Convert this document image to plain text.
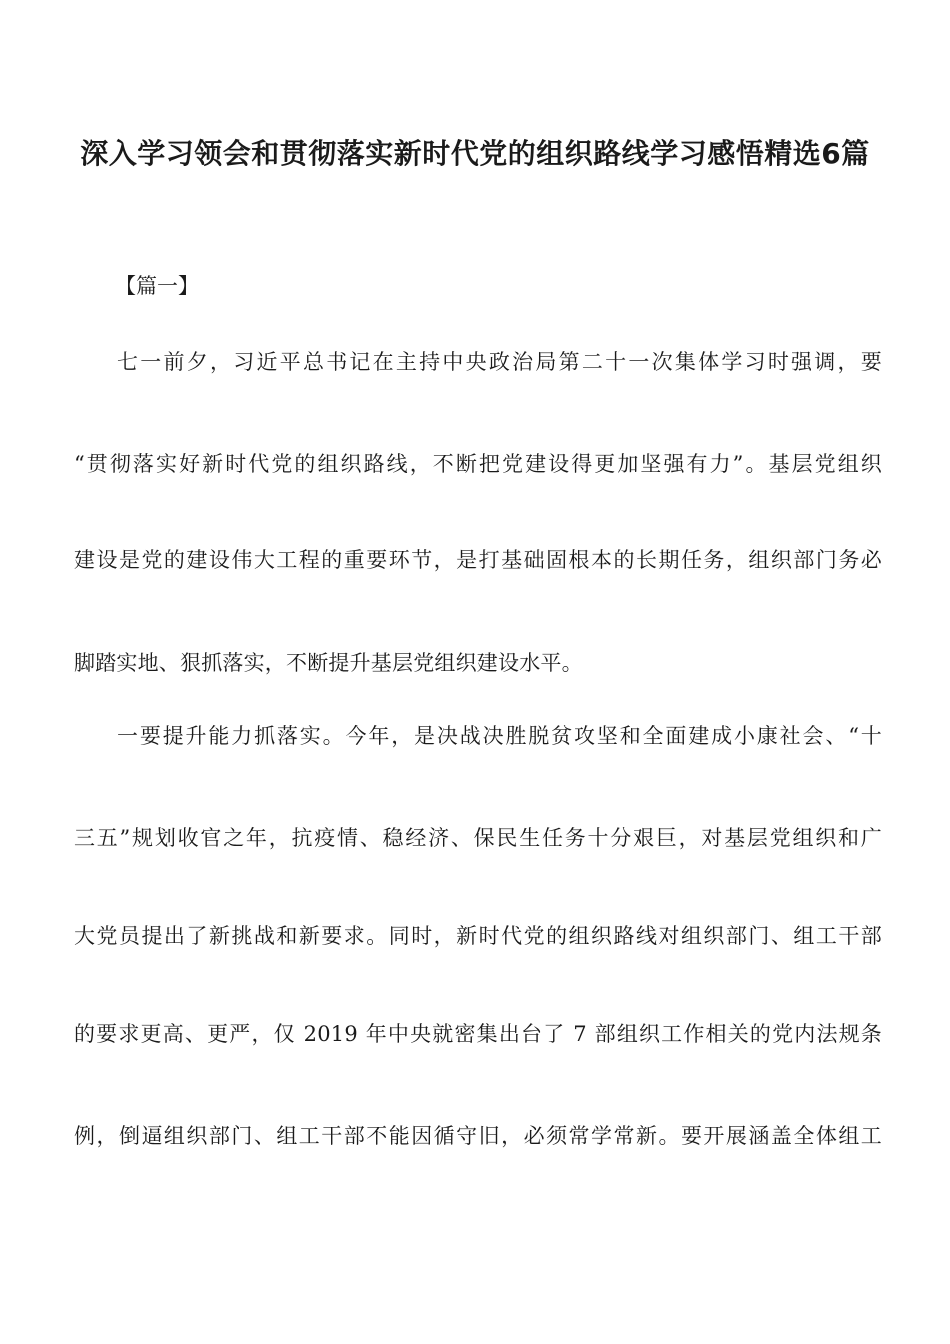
深入学习领会和贯彻落实新时代党的组织路线学习感悟精选6篇
【篇一】
七一前夕，习近平总书记在主持中央政治局第二十一次集体学习时强调，要
“贯彻落实好新时代党的组织路线，不断把党建设得更加坚强有力”。基层党组织
建设是党的建设伟大工程的重要环节，是打基础固根本的长期任务，组织部门务必
脚踏实地、狠抓落实，不断提升基层党组织建设水平。
一要提升能力抓落实。今年，是决战决胜脱贫攻坚和全面建成小康社会、“十
三五”规划收官之年，抗疫情、稳经济、保民生任务十分艰巨，对基层党组织和广
大党员提出了新挑战和新要求。同时，新时代党的组织路线对组织部门、组工干部
的要求更高、更严，仅 2019 年中央就密集出台了 7 部组织工作相关的党内法规条
例，倒逼组织部门、组工干部不能因循守旧，必须常学常新。要开展涵盖全体组工
